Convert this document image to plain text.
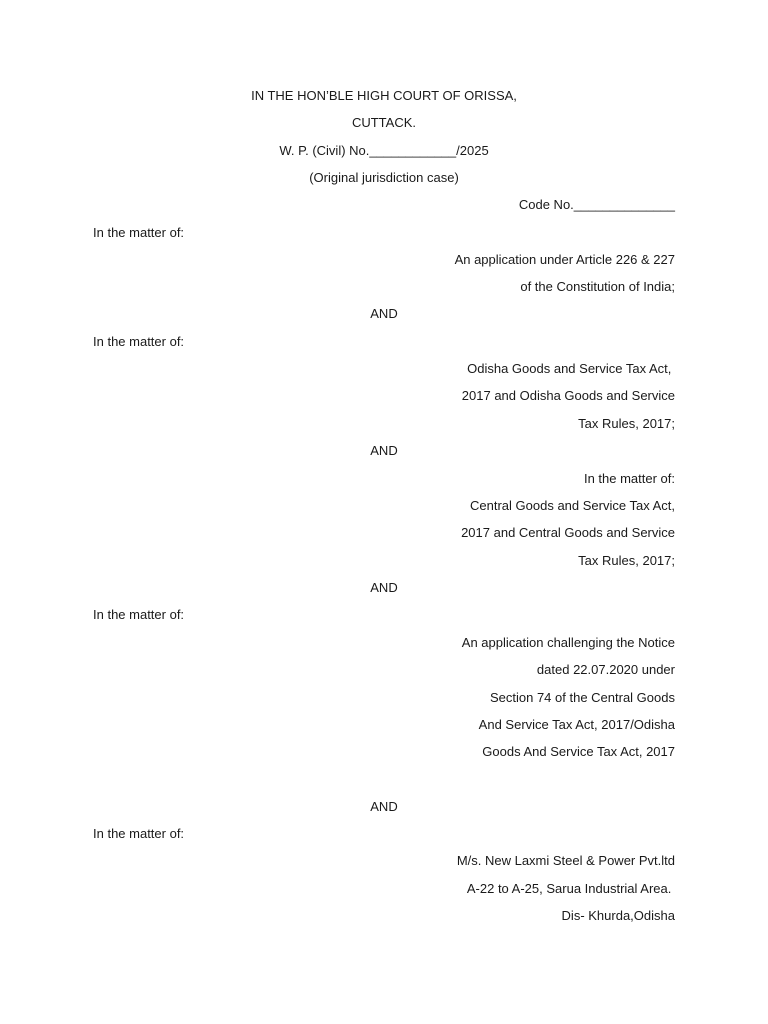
IN THE HON’BLE HIGH COURT OF ORISSA,
CUTTACK.
W. P. (Civil) No.____________/2025
(Original jurisdiction case)
Code No.______________
In the matter of:
An application under Article 226 & 227
of the Constitution of India;
AND
In the matter of:
Odisha Goods and Service Tax Act,
2017 and Odisha Goods and Service
Tax Rules, 2017;
AND
In the matter of:
Central Goods and Service Tax Act,
2017 and Central Goods and Service
Tax Rules, 2017;
AND
In the matter of:
An application challenging the Notice
dated 22.07.2020 under
Section 74 of the Central Goods
And Service Tax Act, 2017/Odisha
Goods And Service Tax Act, 2017
AND
In the matter of:
M/s. New Laxmi Steel & Power Pvt.ltd
A-22 to A-25, Sarua Industrial Area.
Dis- Khurda,Odisha
